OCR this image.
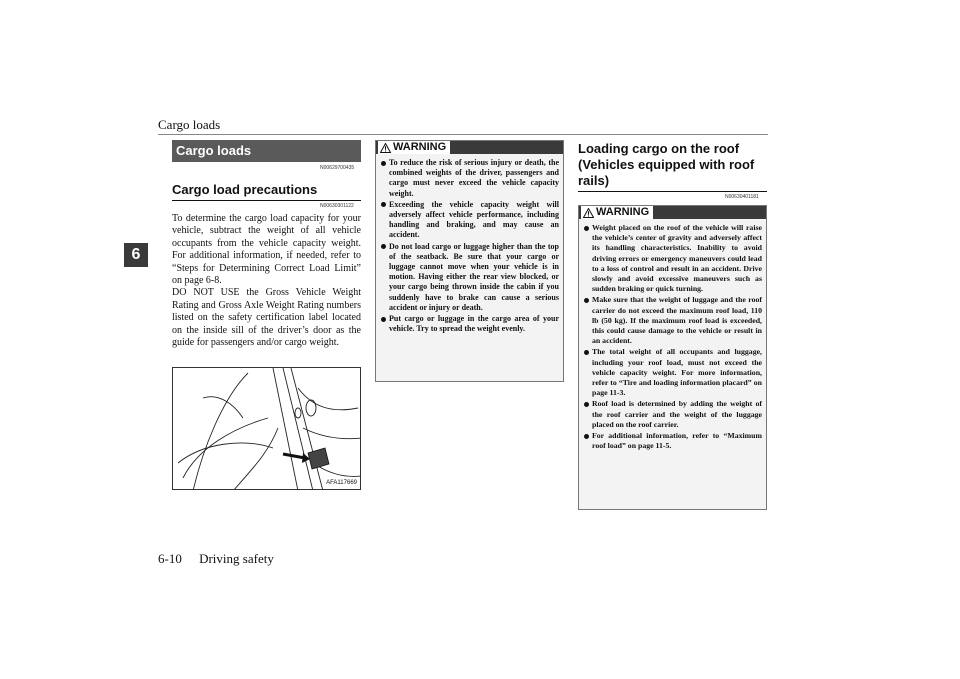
Cargo loads
6
Cargo loads
N00629700435
Cargo load precautions
N00630301122

To determine the cargo load capacity for your vehicle, subtract the weight of all vehicle occupants from the vehicle capacity weight. For additional information, if needed, refer to “Steps for Determining Correct Load Limit” on page 6-8.

DO NOT USE the Gross Vehicle Weight Rating and Gross Axle Weight Rating numbers listed on the safety certification label located on the inside sill of the driver’s door as the guide for passengers and/or cargo weight.

AFA117669
WARNING
To reduce the risk of serious injury or death, the combined weights of the driver, passengers and cargo must never exceed the vehicle capacity weight.
Exceeding the vehicle capacity weight will adversely affect vehicle performance, including handling and braking, and may cause an accident.
Do not load cargo or luggage higher than the top of the seatback. Be sure that your cargo or luggage cannot move when your vehicle is in motion. Having either the rear view blocked, or your cargo being thrown inside the cabin if you suddenly have to brake can cause a serious accident or injury or death.
Put cargo or luggage in the cargo area of your vehicle. Try to spread the weight evenly.
Loading cargo on the roof (Vehicles equipped with roof rails)
N00630401181
WARNING
Weight placed on the roof of the vehicle will raise the vehicle’s center of gravity and adversely affect its handling characteristics. Inability to avoid driving errors or emergency maneuvers could lead to a loss of control and result in an accident. Drive slowly and avoid excessive maneuvers such as sudden braking or quick turning.
Make sure that the weight of luggage and the roof carrier do not exceed the maximum roof load, 110 lb (50 kg). If the maximum roof load is exceeded, this could cause damage to the vehicle or result in an accident.
The total weight of all occupants and luggage, including your roof load, must not exceed the vehicle capacity weight. For more information, refer to “Tire and loading information placard” on page 11-3.
Roof load is determined by adding the weight of the roof carrier and the weight of the luggage placed on the roof carrier.
For additional information, refer to “Maximum roof load” on page 11-5.
6-10 Driving safety
